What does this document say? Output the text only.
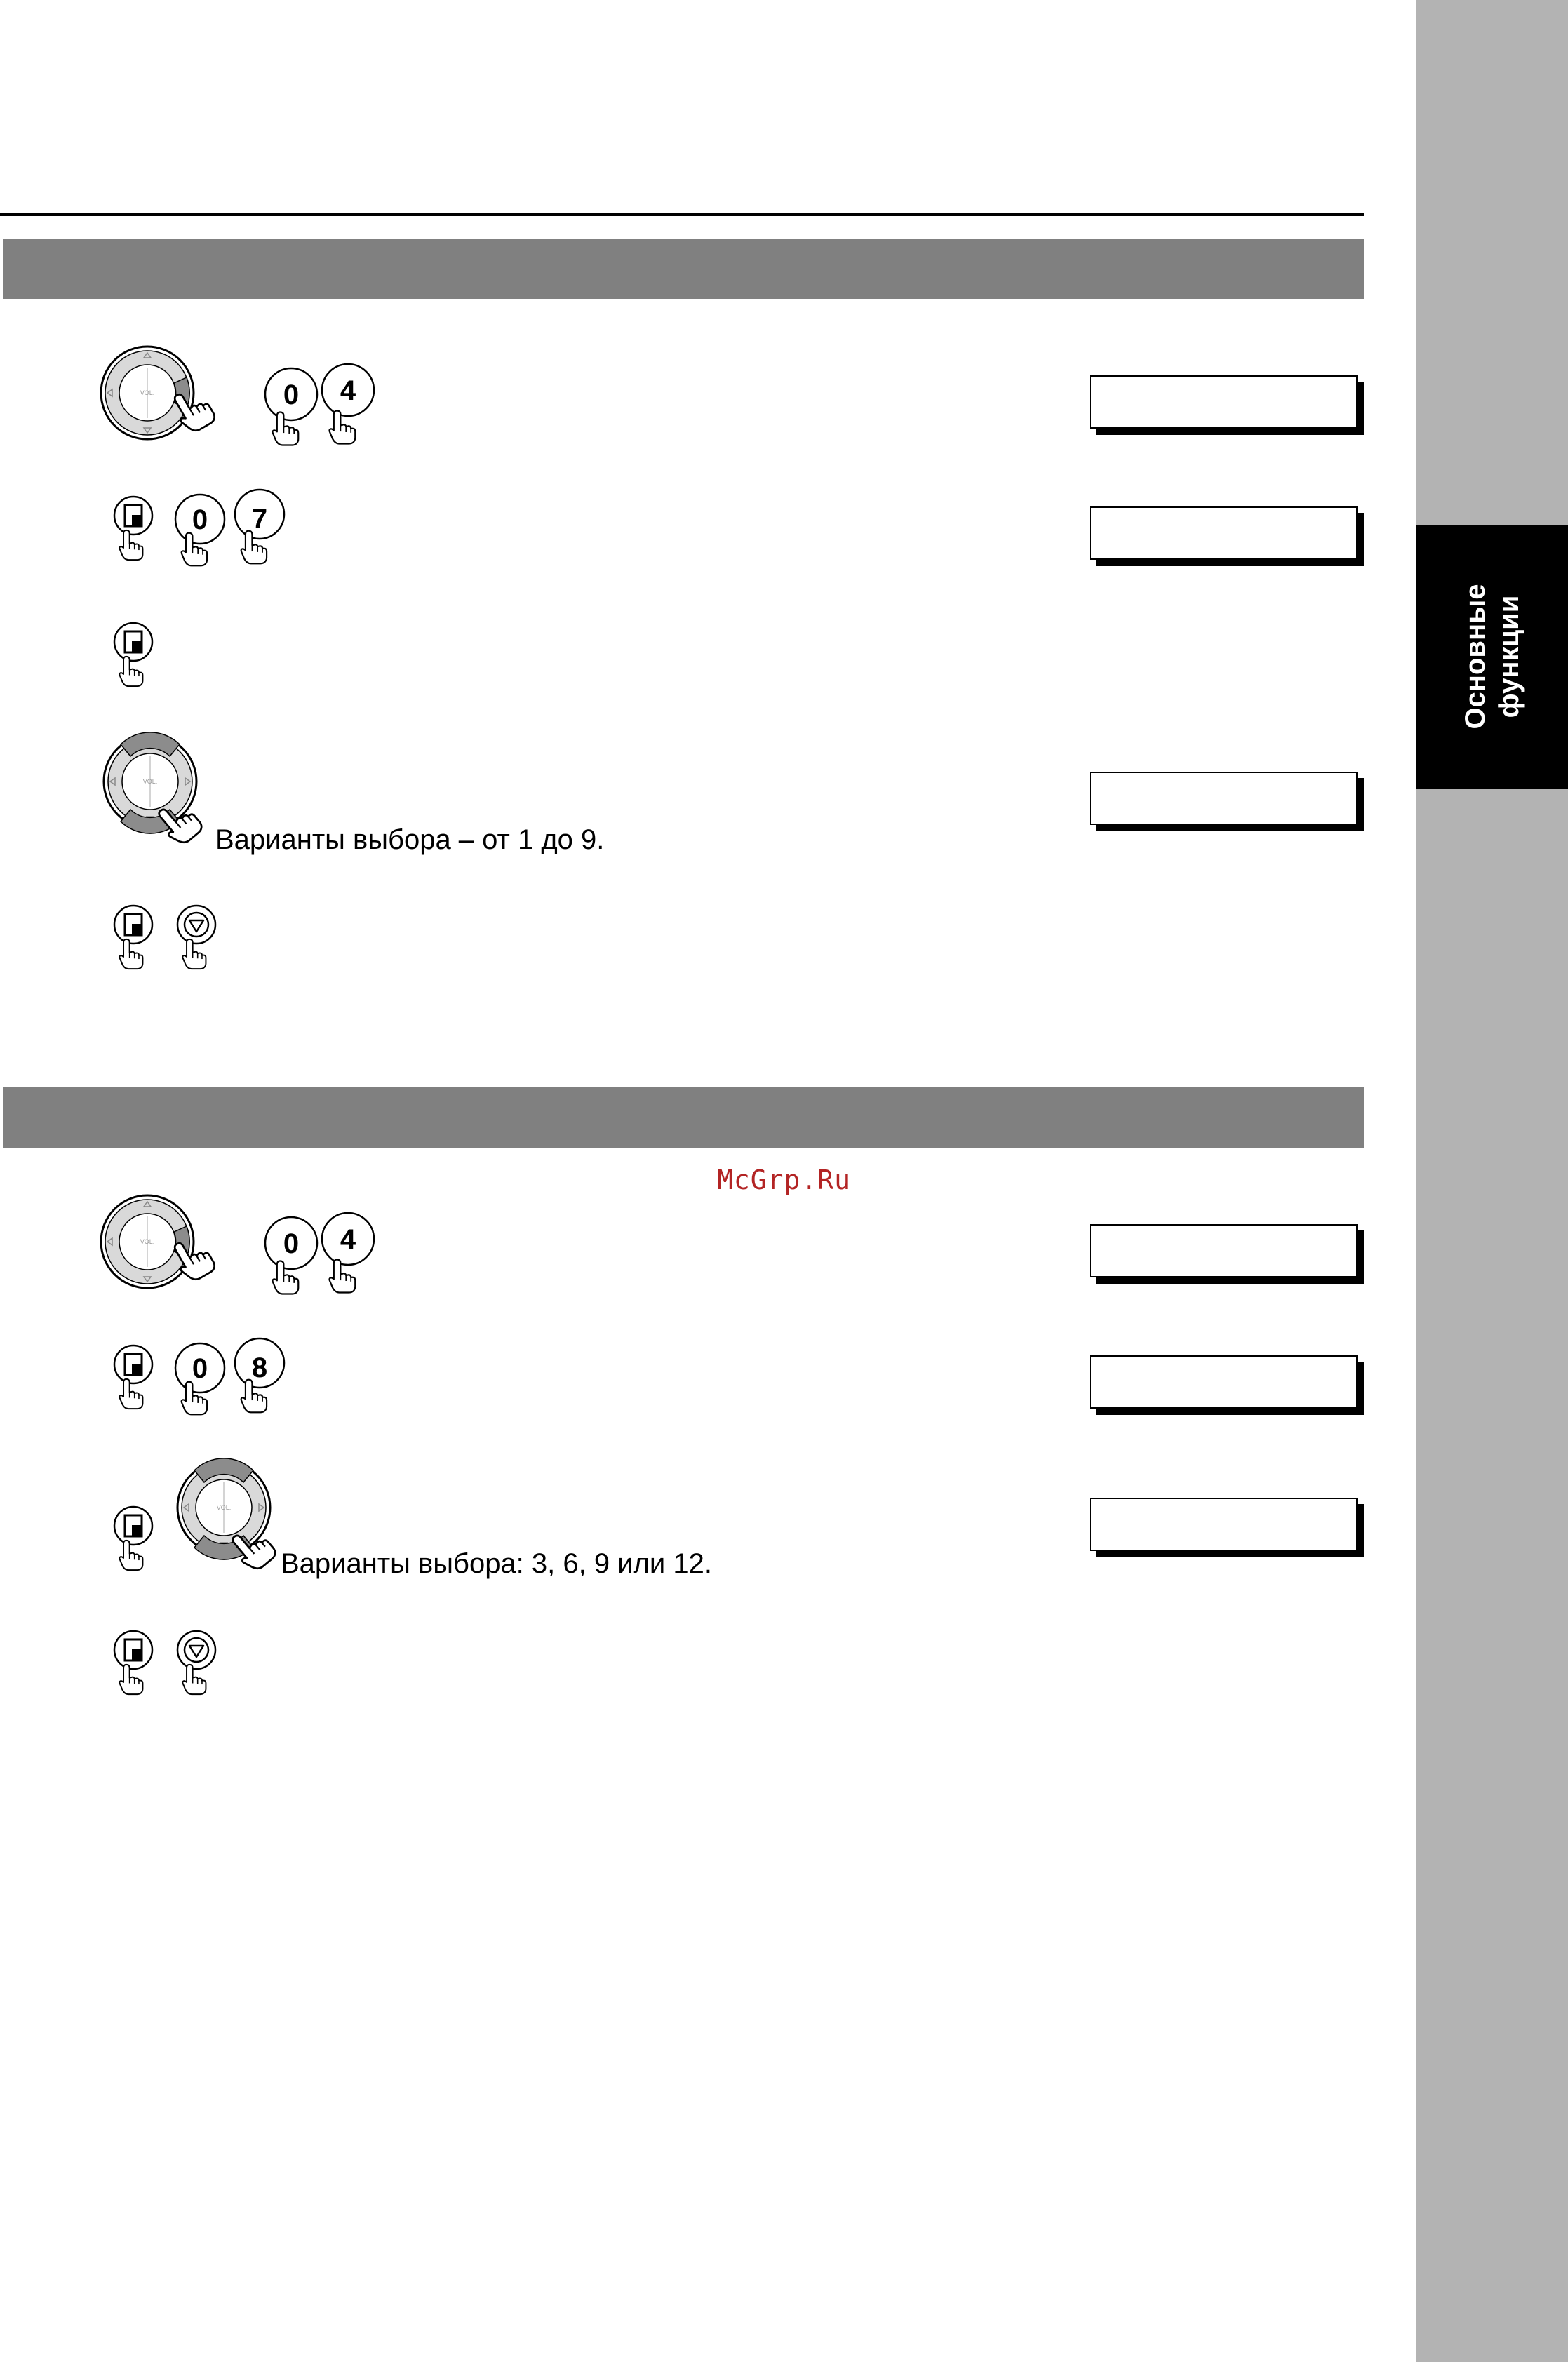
Основные функции
0 4
0 7
Варианты выбора – от 1 до 9.
McGrp.Ru
0 4
0 8
Варианты выбора: 3, 6, 9 или 12.
